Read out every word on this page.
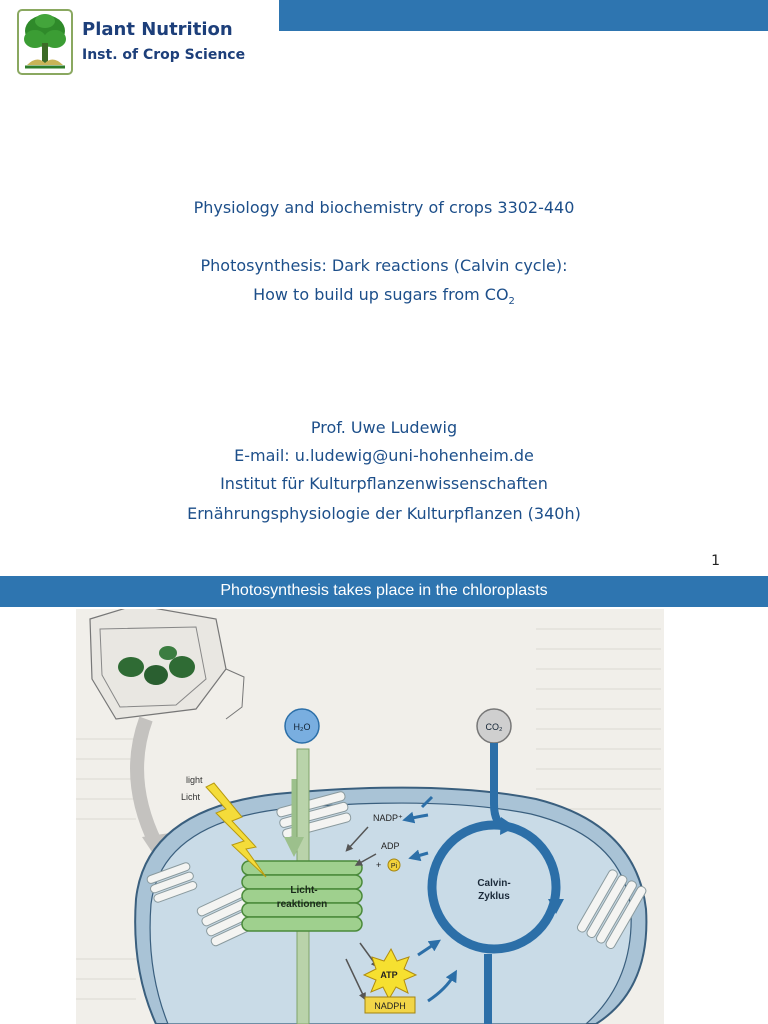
Plant Nutrition
Inst. of Crop Science
Physiology and biochemistry of crops 3302-440
Photosynthesis: Dark reactions (Calvin cycle):
How to build up sugars from $CO_2$
Prof. Uwe Ludewig
E-mail: u.ludewig@uni-hohenheim.de
Institut für Kulturpflanzenwissenschaften
Ernährungsphysiologie der Kulturpflanzen (340h)
1
Photosynthesis takes place in the chloroplasts
light
Licht
H₂O	CO₂
Calvin-
Zyklus
Licht-
reaktionen
NADP⁺
ADP
+ Pi
ATP
NADPH
